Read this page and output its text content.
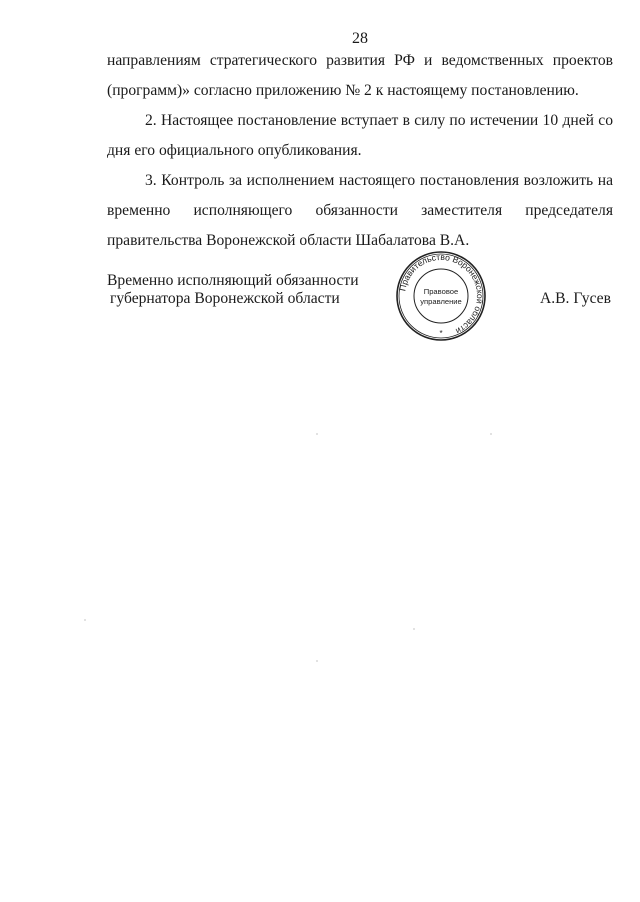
28

направлениям стратегического развития РФ и ведомственных проектов
(программ)» согласно приложению № 2 к настоящему постановлению.

2. Настоящее постановление вступает в силу по истечении 10 дней со
дня его официального опубликования.

3. Контроль за исполнением настоящего постановления возложить на
временно исполняющего обязанности заместителя председателя
правительства Воронежской области Шабалатова В.А.

Временно исполняющий обязанности
губернатора Воронежской области
Правительство Воронежской области
Правовое
управление
*
А.В. Гусев
